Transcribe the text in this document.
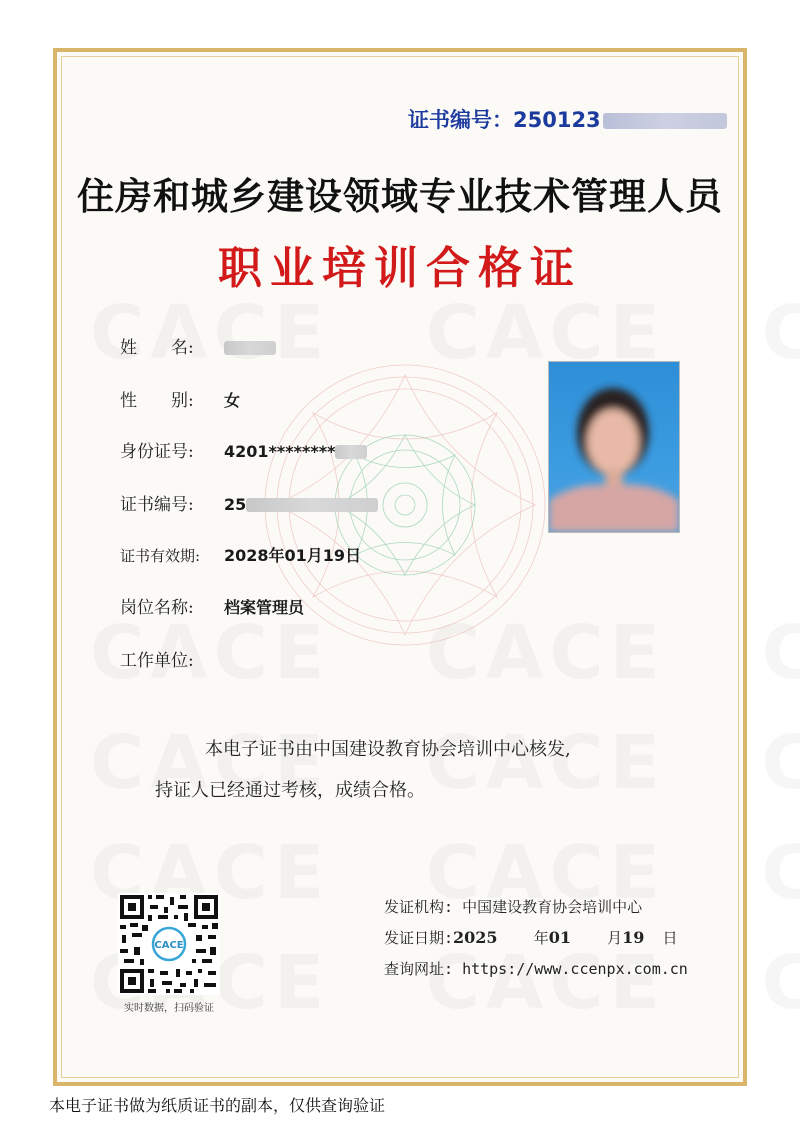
证书编号：250123
住房和城乡建设领域专业技术管理人员
职业培训合格证
姓　　名:
性　　别: 女
身份证号: 4201********
证书编号: 25
证书有效期: 2028年01月19日
岗位名称: 档案管理员
工作单位:
本电子证书由中国建设教育协会培训中心核发,
持证人已经通过考核，成绩合格。
CACE
实时数据，扫码验证
发证机构: 中国建设教育协会培训中心
发证日期:2025 年01 月19 日
查询网址: https://www.ccenpx.com.cn
本电子证书做为纸质证书的副本，仅供查询验证
